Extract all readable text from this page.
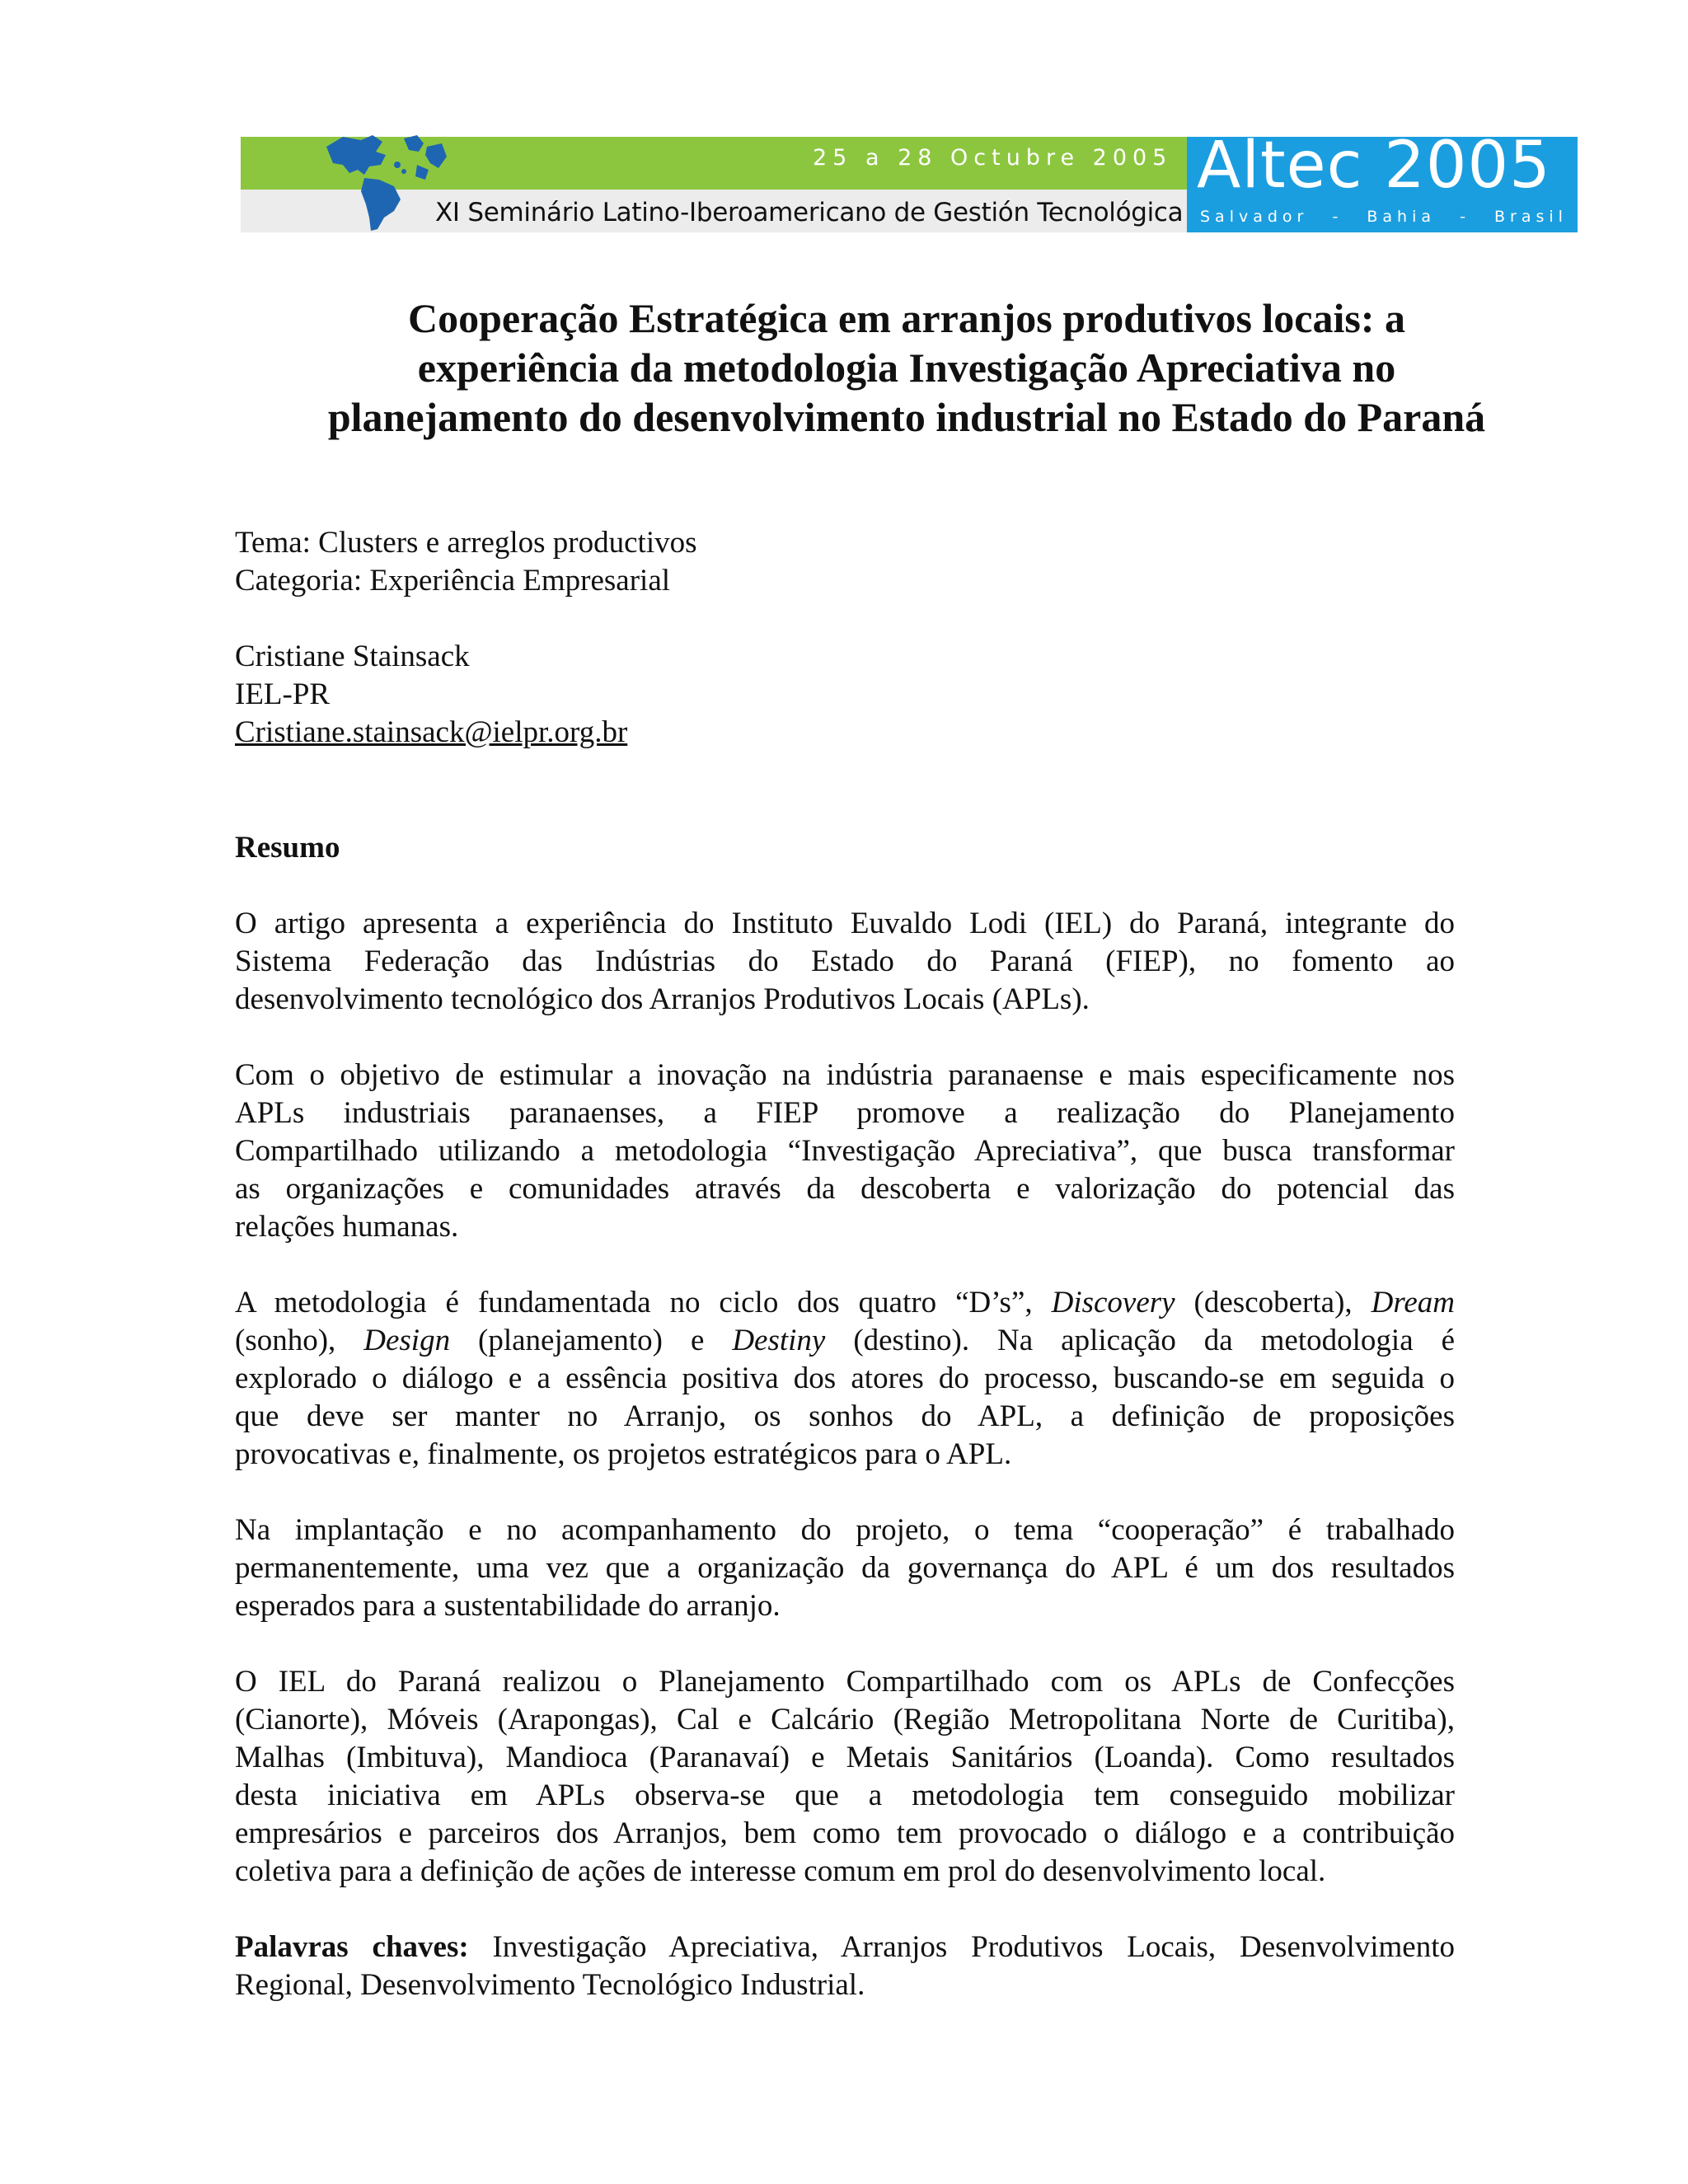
25 a 28 Octubre 2005
XI Seminário Latino-Iberoamericano de Gestión Tecnológica
Altec 2005
Salvador - Bahia - Brasil
Cooperação Estratégica em arranjos produtivos locais: a
experiência da metodologia Investigação Apreciativa no
planejamento do desenvolvimento industrial no Estado do Paraná
Tema: Clusters e arreglos productivos
Categoria: Experiência Empresarial
Cristiane Stainsack
IEL-PR
Cristiane.stainsack@ielpr.org.br
Resumo
O artigo apresenta a experiência do Instituto Euvaldo Lodi (IEL) do Paraná, integrante do
Sistema Federação das Indústrias do Estado do Paraná (FIEP), no fomento ao
desenvolvimento tecnológico dos Arranjos Produtivos Locais (APLs).
Com o objetivo de estimular a inovação na indústria paranaense e mais especificamente nos
APLs industriais paranaenses, a FIEP promove a realização do Planejamento
Compartilhado utilizando a metodologia “Investigação Apreciativa”, que busca transformar
as organizações e comunidades através da descoberta e valorização do potencial das
relações humanas.
A metodologia é fundamentada no ciclo dos quatro “D’s”, Discovery (descoberta), Dream
(sonho), Design (planejamento) e Destiny (destino). Na aplicação da metodologia é
explorado o diálogo e a essência positiva dos atores do processo, buscando-se em seguida o
que deve ser manter no Arranjo, os sonhos do APL, a definição de proposições
provocativas e, finalmente, os projetos estratégicos para o APL.
Na implantação e no acompanhamento do projeto, o tema “cooperação” é trabalhado
permanentemente, uma vez que a organização da governança do APL é um dos resultados
esperados para a sustentabilidade do arranjo.
O IEL do Paraná realizou o Planejamento Compartilhado com os APLs de Confecções
(Cianorte), Móveis (Arapongas), Cal e Calcário (Região Metropolitana Norte de Curitiba),
Malhas (Imbituva), Mandioca (Paranavaí) e Metais Sanitários (Loanda). Como resultados
desta iniciativa em APLs observa-se que a metodologia tem conseguido mobilizar
empresários e parceiros dos Arranjos, bem como tem provocado o diálogo e a contribuição
coletiva para a definição de ações de interesse comum em prol do desenvolvimento local.
Palavras chaves: Investigação Apreciativa, Arranjos Produtivos Locais, Desenvolvimento
Regional, Desenvolvimento Tecnológico Industrial.
